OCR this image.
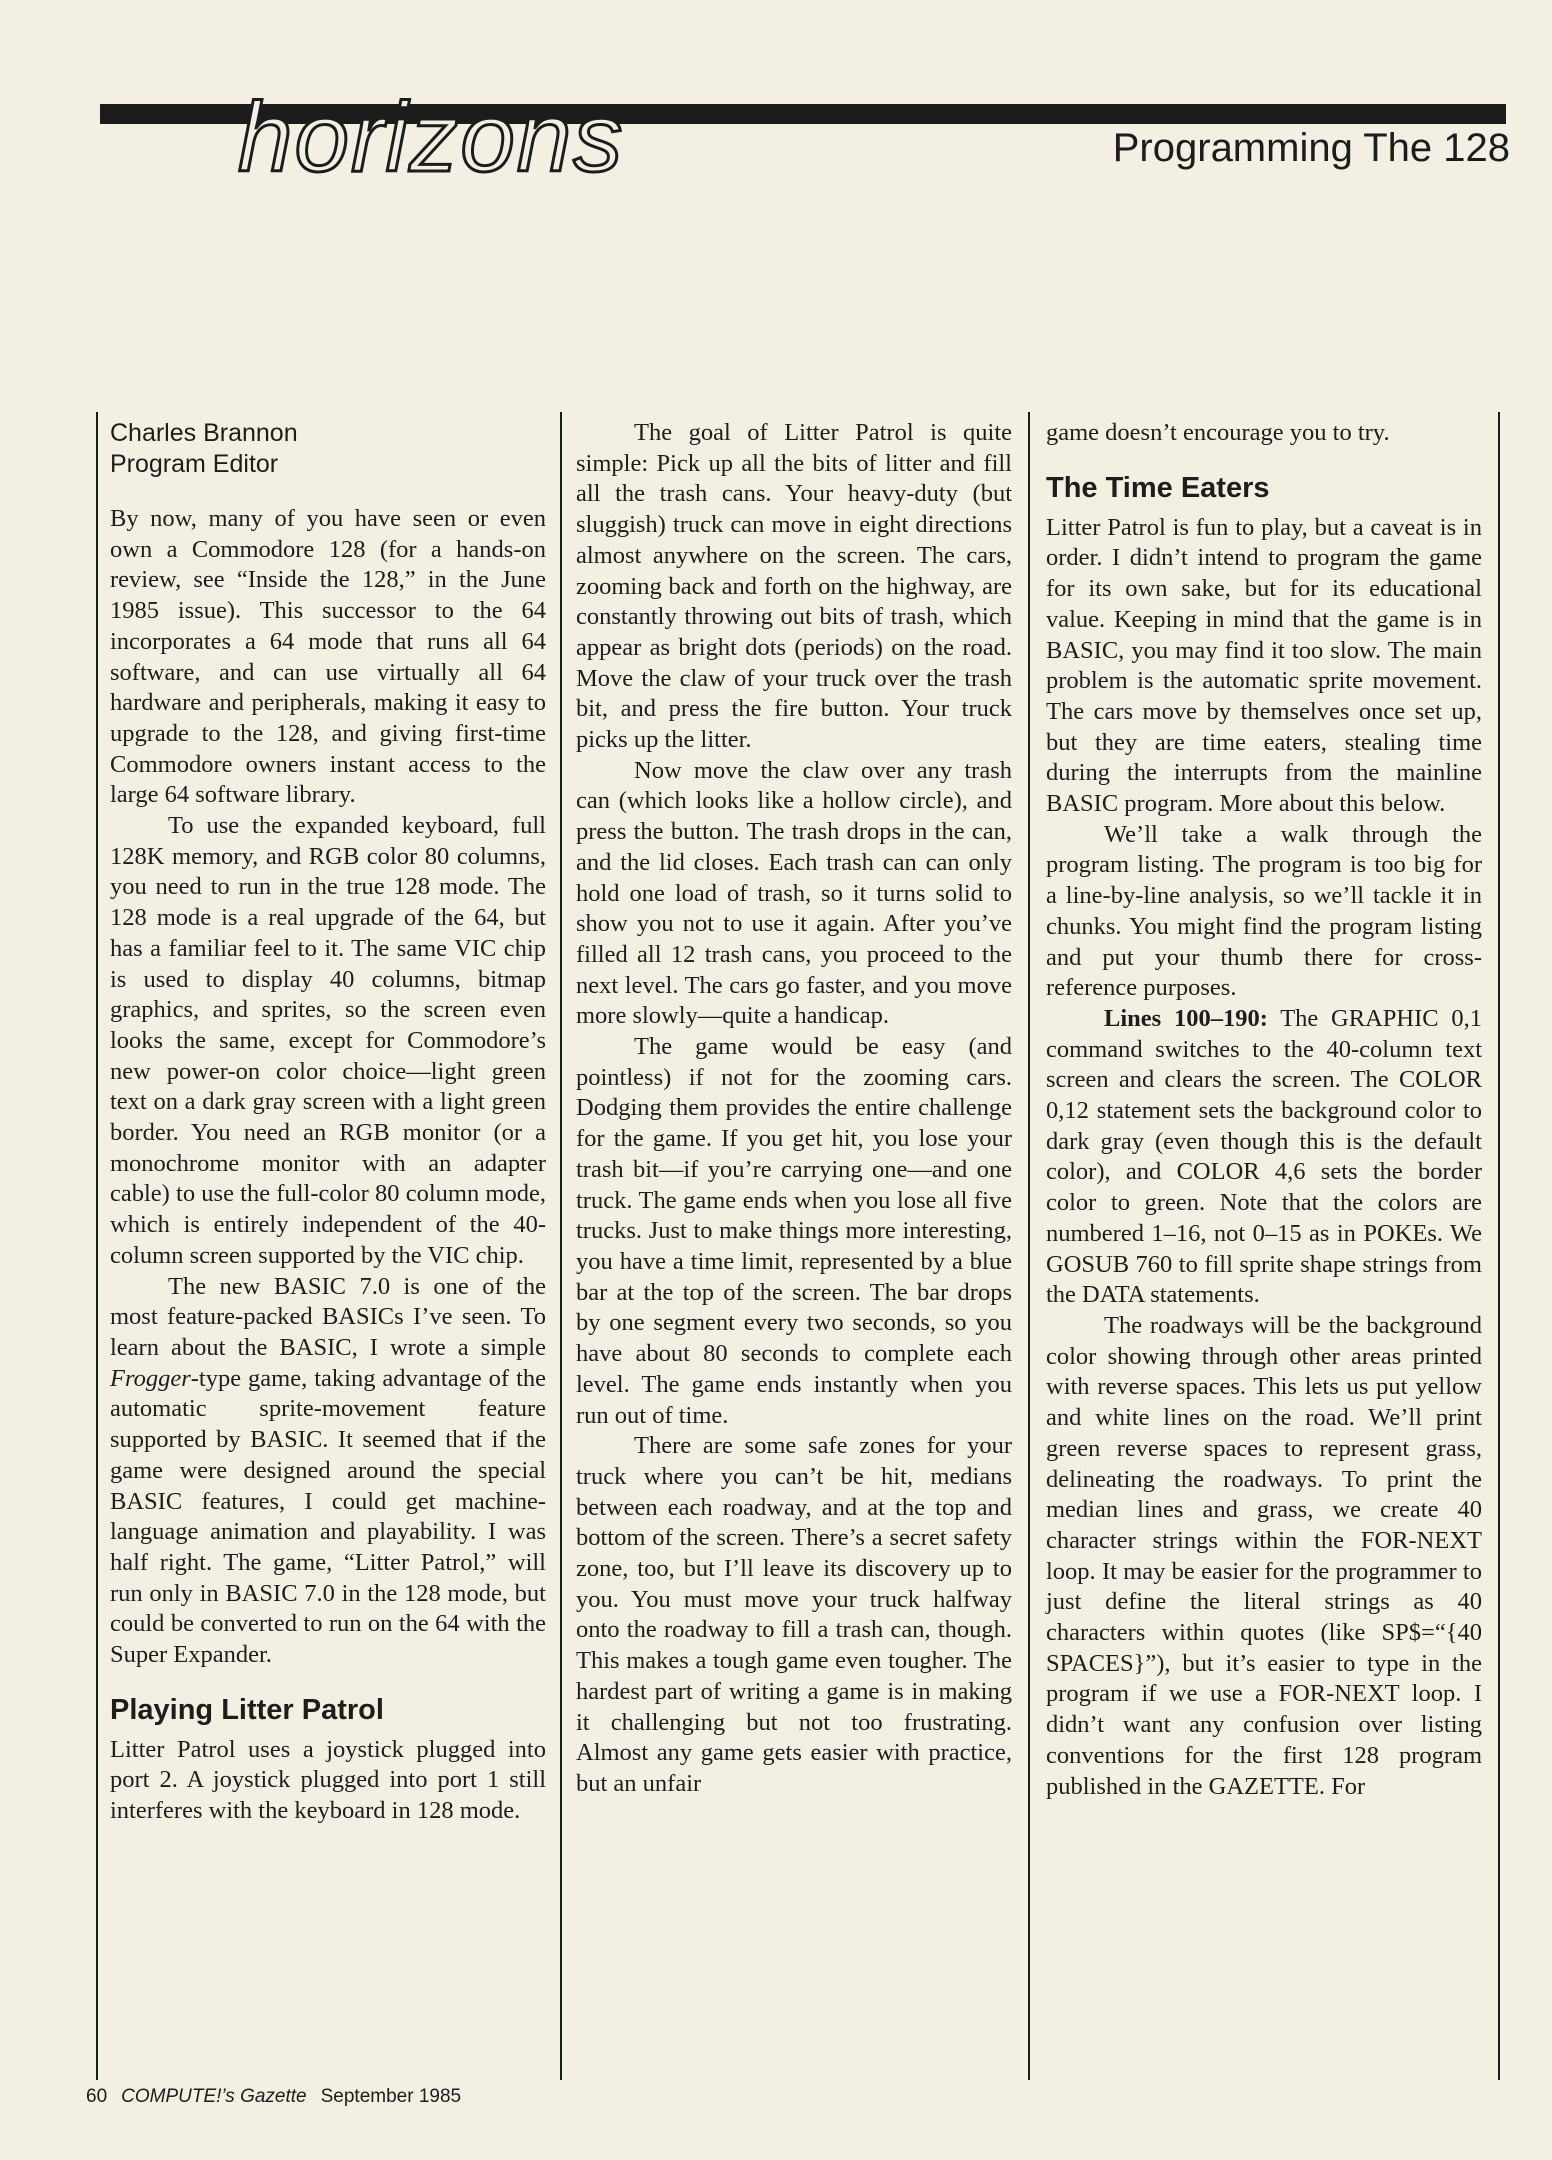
horizons	Programming The 128
Charles Brannon
Program Editor

By now, many of you have seen or even own a Commodore 128 (for a hands-on review, see “Inside the 128,” in the June 1985 issue). This successor to the 64 incorporates a 64 mode that runs all 64 software, and can use virtually all 64 hardware and peripherals, making it easy to upgrade to the 128, and giving first-time Commodore owners instant access to the large 64 software library.

To use the expanded keyboard, full 128K memory, and RGB color 80 columns, you need to run in the true 128 mode. The 128 mode is a real upgrade of the 64, but has a familiar feel to it. The same VIC chip is used to display 40 columns, bitmap graphics, and sprites, so the screen even looks the same, except for Commodore’s new power-on color choice—light green text on a dark gray screen with a light green border. You need an RGB monitor (or a monochrome monitor with an adapter cable) to use the full-color 80 column mode, which is entirely independent of the 40-column screen supported by the VIC chip.

The new BASIC 7.0 is one of the most feature-packed BASICs I’ve seen. To learn about the BASIC, I wrote a simple Frogger-type game, taking advantage of the automatic sprite-movement feature supported by BASIC. It seemed that if the game were designed around the special BASIC features, I could get machine-language animation and playability. I was half right. The game, “Litter Patrol,” will run only in BASIC 7.0 in the 128 mode, but could be converted to run on the 64 with the Super Expander.

Playing Litter Patrol

Litter Patrol uses a joystick plugged into port 2. A joystick plugged into port 1 still interferes with the keyboard in 128 mode.

The goal of Litter Patrol is quite simple: Pick up all the bits of litter and fill all the trash cans. Your heavy-duty (but sluggish) truck can move in eight directions almost anywhere on the screen. The cars, zooming back and forth on the highway, are constantly throwing out bits of trash, which appear as bright dots (periods) on the road. Move the claw of your truck over the trash bit, and press the fire button. Your truck picks up the litter.

Now move the claw over any trash can (which looks like a hollow circle), and press the button. The trash drops in the can, and the lid closes. Each trash can can only hold one load of trash, so it turns solid to show you not to use it again. After you’ve filled all 12 trash cans, you proceed to the next level. The cars go faster, and you move more slowly—quite a handicap.

The game would be easy (and pointless) if not for the zooming cars. Dodging them provides the entire challenge for the game. If you get hit, you lose your trash bit—if you’re carrying one—and one truck. The game ends when you lose all five trucks. Just to make things more interesting, you have a time limit, represented by a blue bar at the top of the screen. The bar drops by one segment every two seconds, so you have about 80 seconds to complete each level. The game ends instantly when you run out of time.

There are some safe zones for your truck where you can’t be hit, medians between each roadway, and at the top and bottom of the screen. There’s a secret safety zone, too, but I’ll leave its discovery up to you. You must move your truck halfway onto the roadway to fill a trash can, though. This makes a tough game even tougher. The hardest part of writing a game is in making it challenging but not too frustrating. Almost any game gets easier with practice, but an unfair

game doesn’t encourage you to try.

The Time Eaters

Litter Patrol is fun to play, but a caveat is in order. I didn’t intend to program the game for its own sake, but for its educational value. Keeping in mind that the game is in BASIC, you may find it too slow. The main problem is the automatic sprite movement. The cars move by themselves once set up, but they are time eaters, stealing time during the interrupts from the mainline BASIC program. More about this below.

We’ll take a walk through the program listing. The program is too big for a line-by-line analysis, so we’ll tackle it in chunks. You might find the program listing and put your thumb there for cross-reference purposes.

Lines 100–190: The GRAPHIC 0,1 command switches to the 40-column text screen and clears the screen. The COLOR 0,12 statement sets the background color to dark gray (even though this is the default color), and COLOR 4,6 sets the border color to green. Note that the colors are numbered 1–16, not 0–15 as in POKEs. We GOSUB 760 to fill sprite shape strings from the DATA statements.

The roadways will be the background color showing through other areas printed with reverse spaces. This lets us put yellow and white lines on the road. We’ll print green reverse spaces to represent grass, delineating the roadways. To print the median lines and grass, we create 40 character strings within the FOR-NEXT loop. It may be easier for the programmer to just define the literal strings as 40 characters within quotes (like SP$=“{40 SPACES}”), but it’s easier to type in the program if we use a FOR-NEXT loop. I didn’t want any confusion over listing conventions for the first 128 program published in the GAZETTE. For

60 COMPUTE!’s Gazette September 1985
